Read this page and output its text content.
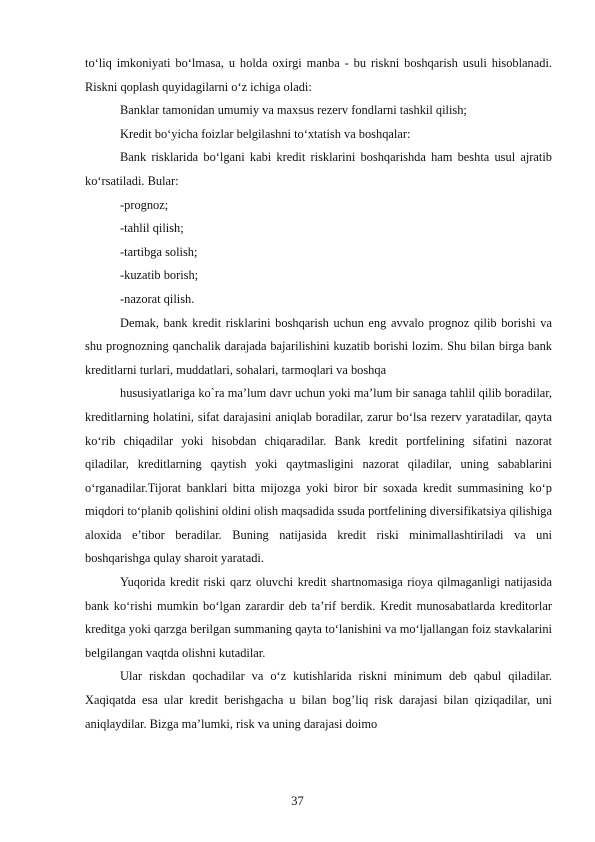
to‘liq imkoniyati bo‘lmasa, u holda oxirgi manba - bu riskni boshqarish usuli hisoblanadi. Riskni qoplash quyidagilarni o‘z ichiga oladi:

Banklar tamonidan umumiy va maxsus rezerv fondlarni tashkil qilish;

Kredit bo‘yicha foizlar belgilashni to‘xtatish va boshqalar:

Bank risklarida bo‘lgani kabi kredit risklarini boshqarishda ham beshta usul ajratib ko‘rsatiladi. Bular:

-prognoz;

-tahlil qilish;

-tartibga solish;

-kuzatib borish;

-nazorat qilish.

Demak, bank kredit risklarini boshqarish uchun eng avvalo prognoz qilib borishi va shu prognozning qanchalik darajada bajarilishini kuzatib borishi lozim. Shu bilan birga bank kreditlarni turlari, muddatlari, sohalari, tarmoqlari va boshqa

hususiyatlariga ko`ra ma’lum davr uchun yoki ma’lum bir sanaga tahlil qilib boradilar, kreditlarning holatini, sifat darajasini aniqlab boradilar, zarur bo‘lsa rezerv yaratadilar, qayta ko‘rib chiqadilar yoki hisobdan chiqaradilar. Bank kredit portfelining sifatini nazorat qiladilar, kreditlarning qaytish yoki qaytmasligini nazorat qiladilar, uning sabablarini o‘rganadilar.Tijorat banklari bitta mijozga yoki biror bir soxada kredit summasining ko‘p miqdori to‘planib qolishini oldini olish maqsadida ssuda portfelining diversifikatsiya qilishiga aloxida e’tibor beradilar. Buning natijasida kredit riski minimallashtiriladi va uni boshqarishga qulay sharoit yaratadi.

Yuqorida kredit riski qarz oluvchi kredit shartnomasiga rioya qilmaganligi natijasida bank ko‘rishi mumkin bo‘lgan zarardir deb ta’rif berdik. Kredit munosabatlarda kreditorlar kreditga yoki qarzga berilgan summaning qayta to‘lanishini va mo‘ljallangan foiz stavkalarini belgilangan vaqtda olishni kutadilar.

Ular riskdan qochadilar va o‘z kutishlarida riskni minimum deb qabul qiladilar. Xaqiqatda esa ular kredit berishgacha u bilan bog’liq risk darajasi bilan qiziqadilar, uni aniqlaydilar. Bizga ma’lumki, risk va uning darajasi doimo

37
